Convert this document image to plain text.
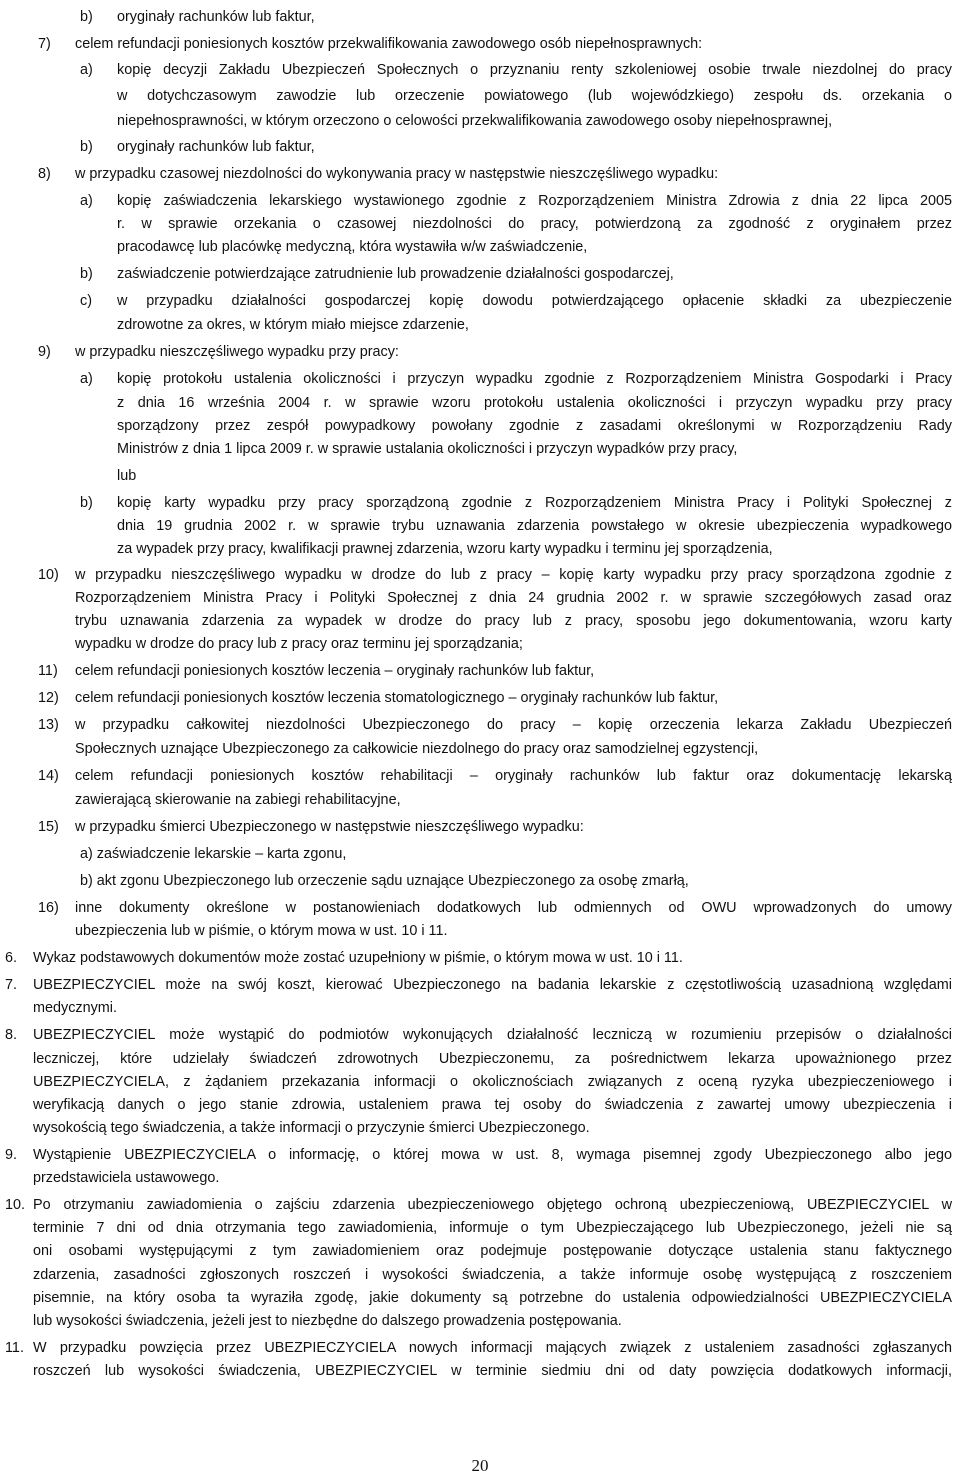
b) oryginały rachunków lub faktur,
7) celem refundacji poniesionych kosztów przekwalifikowania zawodowego osób niepełnosprawnych:
a) kopię decyzji Zakładu Ubezpieczeń Społecznych o przyznaniu renty szkoleniowej osobie trwale niezdolnej do pracy
w dotychczasowym zawodzie lub orzeczenie powiatowego (lub wojewódzkiego) zespołu ds. orzekania o
niepełnosprawności, w którym orzeczono o celowości przekwalifikowania zawodowego osoby niepełnosprawnej,
b) oryginały rachunków lub faktur,
8) w przypadku czasowej niezdolności do wykonywania pracy w następstwie nieszczęśliwego wypadku:
a) kopię zaświadczenia lekarskiego wystawionego zgodnie z Rozporządzeniem Ministra Zdrowia z dnia 22 lipca 2005
r. w sprawie orzekania o czasowej niezdolności do pracy, potwierdzoną za zgodność z oryginałem przez
pracodawcę lub placówkę medyczną, która wystawiła w/w zaświadczenie,
b) zaświadczenie potwierdzające zatrudnienie lub prowadzenie działalności gospodarczej,
c) w przypadku działalności gospodarczej kopię dowodu potwierdzającego opłacenie składki za ubezpieczenie
zdrowotne za okres, w którym miało miejsce zdarzenie,
9) w przypadku nieszczęśliwego wypadku przy pracy:
a) kopię protokołu ustalenia okoliczności i przyczyn wypadku zgodnie z Rozporządzeniem Ministra Gospodarki i Pracy
z dnia 16 września 2004 r. w sprawie wzoru protokołu ustalenia okoliczności i przyczyn wypadku przy pracy
sporządzony przez zespół powypadkowy powołany zgodnie z zasadami określonymi w Rozporządzeniu Rady
Ministrów z dnia 1 lipca 2009 r. w sprawie ustalania okoliczności i przyczyn wypadków przy pracy,
lub
b) kopię karty wypadku przy pracy sporządzoną zgodnie z Rozporządzeniem Ministra Pracy i Polityki Społecznej z
dnia 19 grudnia 2002 r. w sprawie trybu uznawania zdarzenia powstałego w okresie ubezpieczenia wypadkowego
za wypadek przy pracy, kwalifikacji prawnej zdarzenia, wzoru karty wypadku i terminu jej sporządzenia,
10) w przypadku nieszczęśliwego wypadku w drodze do lub z pracy – kopię karty wypadku przy pracy sporządzona zgodnie z
Rozporządzeniem Ministra Pracy i Polityki Społecznej z dnia 24 grudnia 2002 r. w sprawie szczegółowych zasad oraz
trybu uznawania zdarzenia za wypadek w drodze do pracy lub z pracy, sposobu jego dokumentowania, wzoru karty
wypadku w drodze do pracy lub z pracy oraz terminu jej sporządzania;
11) celem refundacji poniesionych kosztów leczenia – oryginały rachunków lub faktur,
12) celem refundacji poniesionych kosztów leczenia stomatologicznego – oryginały rachunków lub faktur,
13) w przypadku całkowitej niezdolności Ubezpieczonego do pracy – kopię orzeczenia lekarza Zakładu Ubezpieczeń
Społecznych uznające Ubezpieczonego za całkowicie niezdolnego do pracy oraz samodzielnej egzystencji,
14) celem refundacji poniesionych kosztów rehabilitacji – oryginały rachunków lub faktur oraz dokumentację lekarską
zawierającą skierowanie na zabiegi rehabilitacyjne,
15) w przypadku śmierci Ubezpieczonego w następstwie nieszczęśliwego wypadku:
a) zaświadczenie lekarskie – karta zgonu,
b) akt zgonu Ubezpieczonego lub orzeczenie sądu uznające Ubezpieczonego za osobę zmarłą,
16) inne dokumenty określone w postanowieniach dodatkowych lub odmiennych od OWU wprowadzonych do umowy
ubezpieczenia lub w piśmie, o którym mowa w ust. 10 i 11.
6. Wykaz podstawowych dokumentów może zostać uzupełniony w piśmie, o którym mowa w ust. 10 i 11.
7. UBEZPIECZYCIEL może na swój koszt, kierować Ubezpieczonego na badania lekarskie z częstotliwością uzasadnioną względami
medycznymi.
8. UBEZPIECZYCIEL może wystąpić do podmiotów wykonujących działalność leczniczą w rozumieniu przepisów o działalności
leczniczej, które udzielały świadczeń zdrowotnych Ubezpieczonemu, za pośrednictwem lekarza upoważnionego przez
UBEZPIECZYCIELA, z żądaniem przekazania informacji o okolicznościach związanych z oceną ryzyka ubezpieczeniowego i
weryfikacją danych o jego stanie zdrowia, ustaleniem prawa tej osoby do świadczenia z zawartej umowy ubezpieczenia i
wysokością tego świadczenia, a także informacji o przyczynie śmierci Ubezpieczonego.
9. Wystąpienie UBEZPIECZYCIELA o informację, o której mowa w ust. 8, wymaga pisemnej zgody Ubezpieczonego albo jego
przedstawiciela ustawowego.
10. Po otrzymaniu zawiadomienia o zajściu zdarzenia ubezpieczeniowego objętego ochroną ubezpieczeniową, UBEZPIECZYCIEL w
terminie 7 dni od dnia otrzymania tego zawiadomienia, informuje o tym Ubezpieczającego lub Ubezpieczonego, jeżeli nie są
oni osobami występującymi z tym zawiadomieniem oraz podejmuje postępowanie dotyczące ustalenia stanu faktycznego
zdarzenia, zasadności zgłoszonych roszczeń i wysokości świadczenia, a także informuje osobę występującą z roszczeniem
pisemnie, na który osoba ta wyraziła zgodę, jakie dokumenty są potrzebne do ustalenia odpowiedzialności UBEZPIECZYCIELA
lub wysokości świadczenia, jeżeli jest to niezbędne do dalszego prowadzenia postępowania.
11. W przypadku powzięcia przez UBEZPIECZYCIELA nowych informacji mających związek z ustaleniem zasadności zgłaszanych
roszczeń lub wysokości świadczenia, UBEZPIECZYCIEL w terminie siedmiu dni od daty powzięcia dodatkowych informacji,
20
